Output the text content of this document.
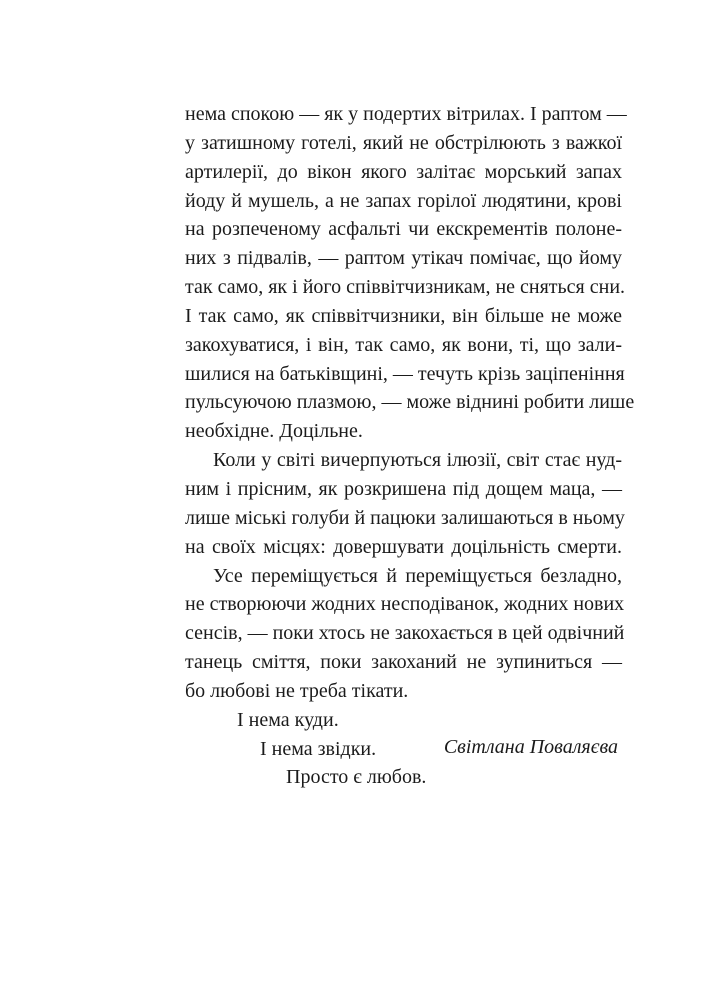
нема спокою — як у подертих вітрилах. І раптом —
у затишному готелі, який не обстрілюють з важкої
артилерії, до вікон якого залітає морський запах
йоду й мушель, а не запах горілої людятини, крові
на розпеченому асфальті чи екскрементів полоне-
них з підвалів, — раптом утікач помічає, що йому
так само, як і його співвітчизникам, не сняться сни.
І так само, як співвітчизники, він більше не може
закохуватися, і він, так само, як вони, ті, що зали-
шилися на батьківщині, — течуть крізь заціпеніння
пульсуючою плазмою, — може віднині робити лише
необхідне. Доцільне.
Коли у світі вичерпуються ілюзії, світ стає нуд-
ним і прісним, як розкришена під дощем маца, —
лише міські голуби й пацюки залишаються в ньому
на своїх місцях: довершувати доцільність смерти.
Усе переміщується й переміщується безладно,
не створюючи жодних несподіванок, жодних нових
сенсів, — поки хтось не закохається в цей одвічний
танець сміття, поки закоханий не зупиниться —
бо любові не треба тікати.
І нема куди.
І нема звідки.
Просто є любов.
Світлана Поваляєва
